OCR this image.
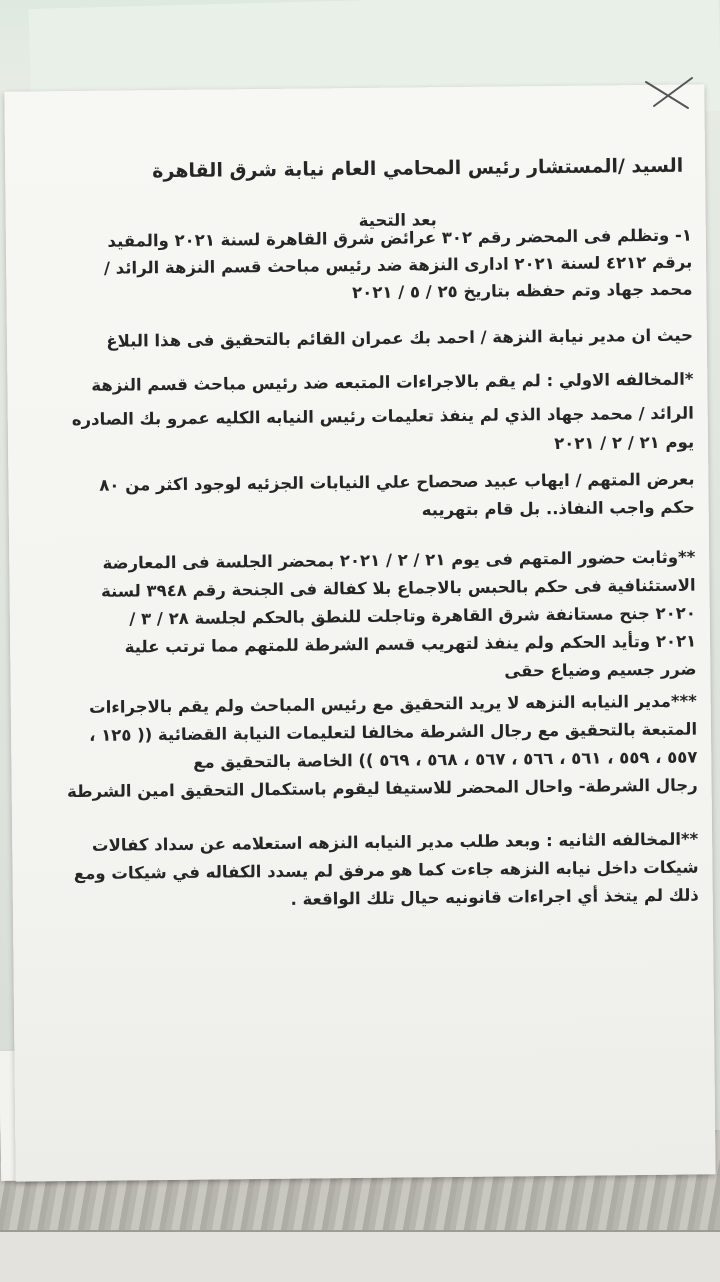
السيد /المستشار رئيس المحامي العام نيابة شرق القاهرة
بعد التحية
١- وتظلم فى المحضر رقم ٣٠٢ عرائض شرق القاهرة لسنة ٢٠٢١ والمقيد
برقم ٤٢١٢ لسنة ٢٠٢١ ادارى النزهة ضد رئيس مباحث قسم النزهة الرائد /
محمد جهاد وتم حفظه بتاريخ ٢٥ / ٥ / ٢٠٢١
حيث ان مدير نيابة النزهة / احمد بك عمران القائم بالتحقيق فى هذا البلاغ
*المخالفه الاولي : لم يقم بالاجراءات المتبعه ضد رئيس مباحث قسم النزهة
الرائد / محمد جهاد الذي لم ينفذ تعليمات رئيس النيابه الكليه عمرو بك الصادره
يوم ٢١ / ٢ / ٢٠٢١
بعرض المتهم / ايهاب عبيد صحصاح علي النيابات الجزئيه لوجود اكثر من ٨٠
حكم واجب النفاذ.. بل قام بتهريبه
**وثابت حضور المتهم فى يوم ٢١ / ٢ / ٢٠٢١ بمحضر الجلسة فى المعارضة
الاستئنافية فى حكم بالحبس بالاجماع بلا كفالة فى الجنحة رقم ٣٩٤٨ لسنة
٢٠٢٠ جنح مستانفة شرق القاهرة وتاجلت للنطق بالحكم لجلسة ٢٨ / ٣ /
٢٠٢١ وتأيد الحكم ولم ينفذ لتهريب قسم الشرطة للمتهم مما ترتب علية
ضرر جسيم وضياع حقى
***مدير النيابه النزهه لا يريد التحقيق مع رئيس المباحث ولم يقم بالاجراءات
المتبعة بالتحقيق مع رجال الشرطة مخالفا لتعليمات النيابة القضائية (( ١٢٥ ،
٥٥٧ ، ٥٥٩ ، ٥٦١ ، ٥٦٦ ، ٥٦٧ ، ٥٦٨ ، ٥٦٩ )) الخاصة بالتحقيق مع
رجال الشرطة- واحال المحضر للاستيفا ليقوم باستكمال التحقيق امين الشرطة
**المخالفه الثانيه : وبعد طلب مدير النيابه النزهه استعلامه عن سداد كفالات
شيكات داخل نيابه النزهه جاءت كما هو مرفق لم يسدد الكفاله في شيكات ومع
ذلك لم يتخذ أي اجراءات قانونيه حيال تلك الواقعة .
